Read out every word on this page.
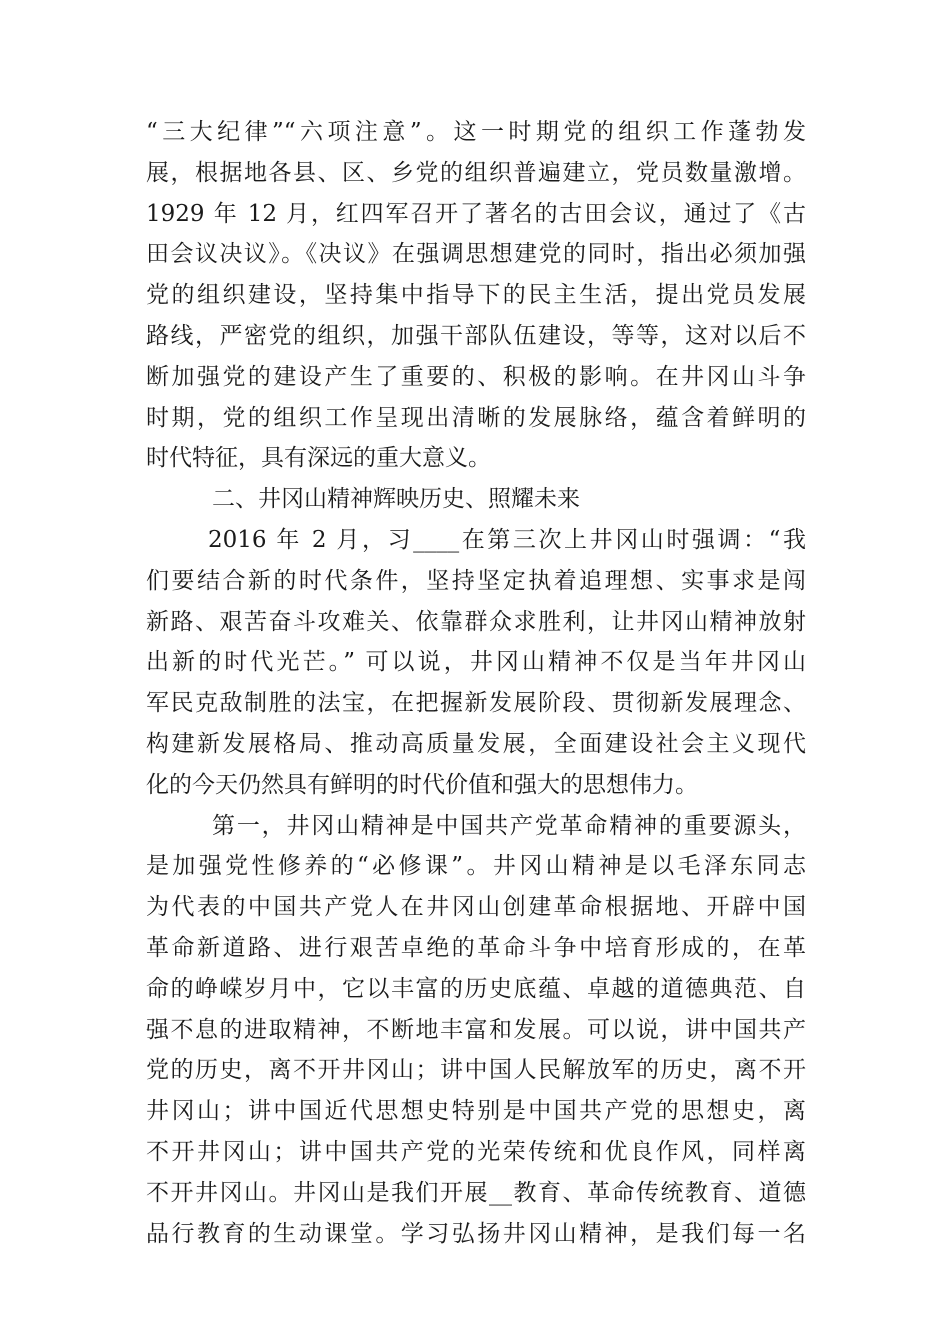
“三大纪律”“六项注意”。这一时期党的组织工作蓬勃发
展，根据地各县、区、乡党的组织普遍建立，党员数量激增。
1929 年 12 月，红四军召开了著名的古田会议，通过了《古
田会议决议》。《决议》在强调思想建党的同时，指出必须加强
党的组织建设，坚持集中指导下的民主生活，提出党员发展
路线，严密党的组织，加强干部队伍建设，等等，这对以后不
断加强党的建设产生了重要的、积极的影响。在井冈山斗争
时期，党的组织工作呈现出清晰的发展脉络，蕴含着鲜明的
时代特征，具有深远的重大意义。
二、井冈山精神辉映历史、照耀未来
2016 年 2 月，习____在第三次上井冈山时强调：“我
们要结合新的时代条件，坚持坚定执着追理想、实事求是闯
新路、艰苦奋斗攻难关、依靠群众求胜利，让井冈山精神放射
出新的时代光芒。” 可以说，井冈山精神不仅是当年井冈山
军民克敌制胜的法宝，在把握新发展阶段、贯彻新发展理念、
构建新发展格局、推动高质量发展，全面建设社会主义现代
化的今天仍然具有鲜明的时代价值和强大的思想伟力。
第一，井冈山精神是中国共产党革命精神的重要源头，
是加强党性修养的“必修课”。井冈山精神是以毛泽东同志
为代表的中国共产党人在井冈山创建革命根据地、开辟中国
革命新道路、进行艰苦卓绝的革命斗争中培育形成的，在革
命的峥嵘岁月中，它以丰富的历史底蕴、卓越的道德典范、自
强不息的进取精神，不断地丰富和发展。可以说，讲中国共产
党的历史，离不开井冈山；讲中国人民解放军的历史，离不开
井冈山；讲中国近代思想史特别是中国共产党的思想史，离
不开井冈山；讲中国共产党的光荣传统和优良作风，同样离
不开井冈山。井冈山是我们开展__教育、革命传统教育、道德
品行教育的生动课堂。学习弘扬井冈山精神，是我们每一名
